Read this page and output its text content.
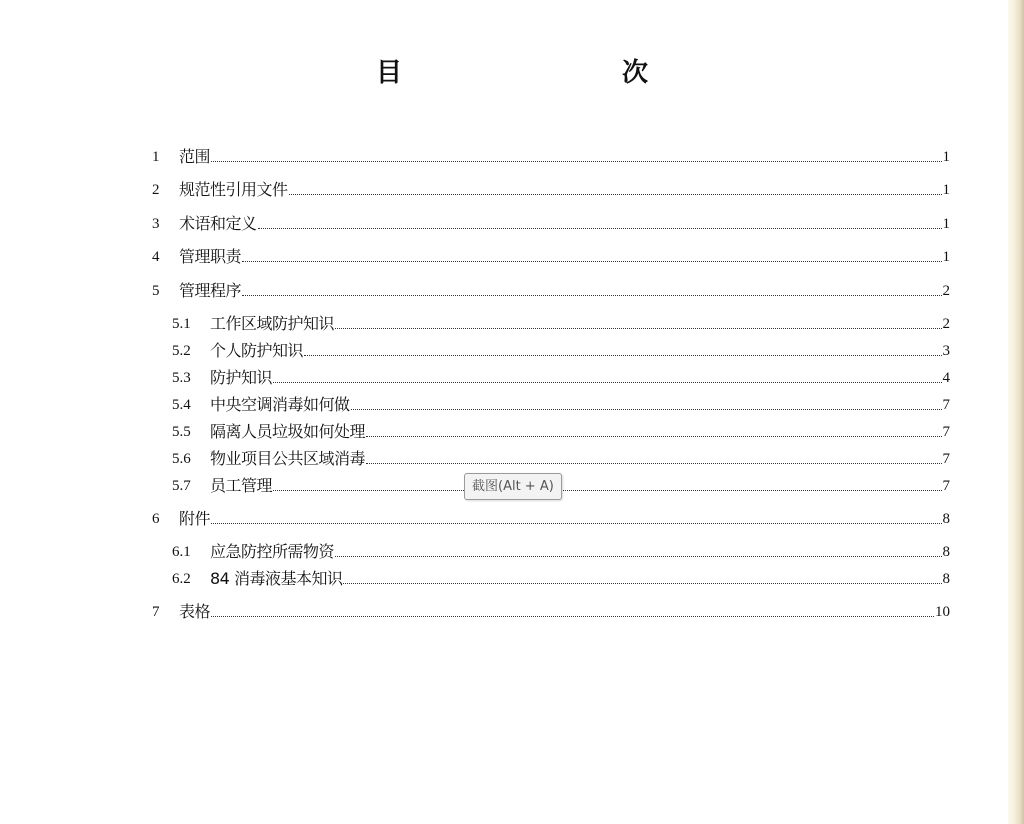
目　　次
1	范围	1
2	规范性引用文件	1
3	术语和定义	1
4	管理职责	1
5	管理程序	2
5.1	工作区域防护知识	2
5.2	个人防护知识	3
5.3	防护知识	4
5.4	中央空调消毒如何做	7
5.5	隔离人员垃圾如何处理	7
5.6	物业项目公共区域消毒	7
5.7	员工管理	7
6	附件	8
6.1	应急防控所需物资	8
6.2	84 消毒液基本知识	8
7	表格	10
截图(Alt + A)
